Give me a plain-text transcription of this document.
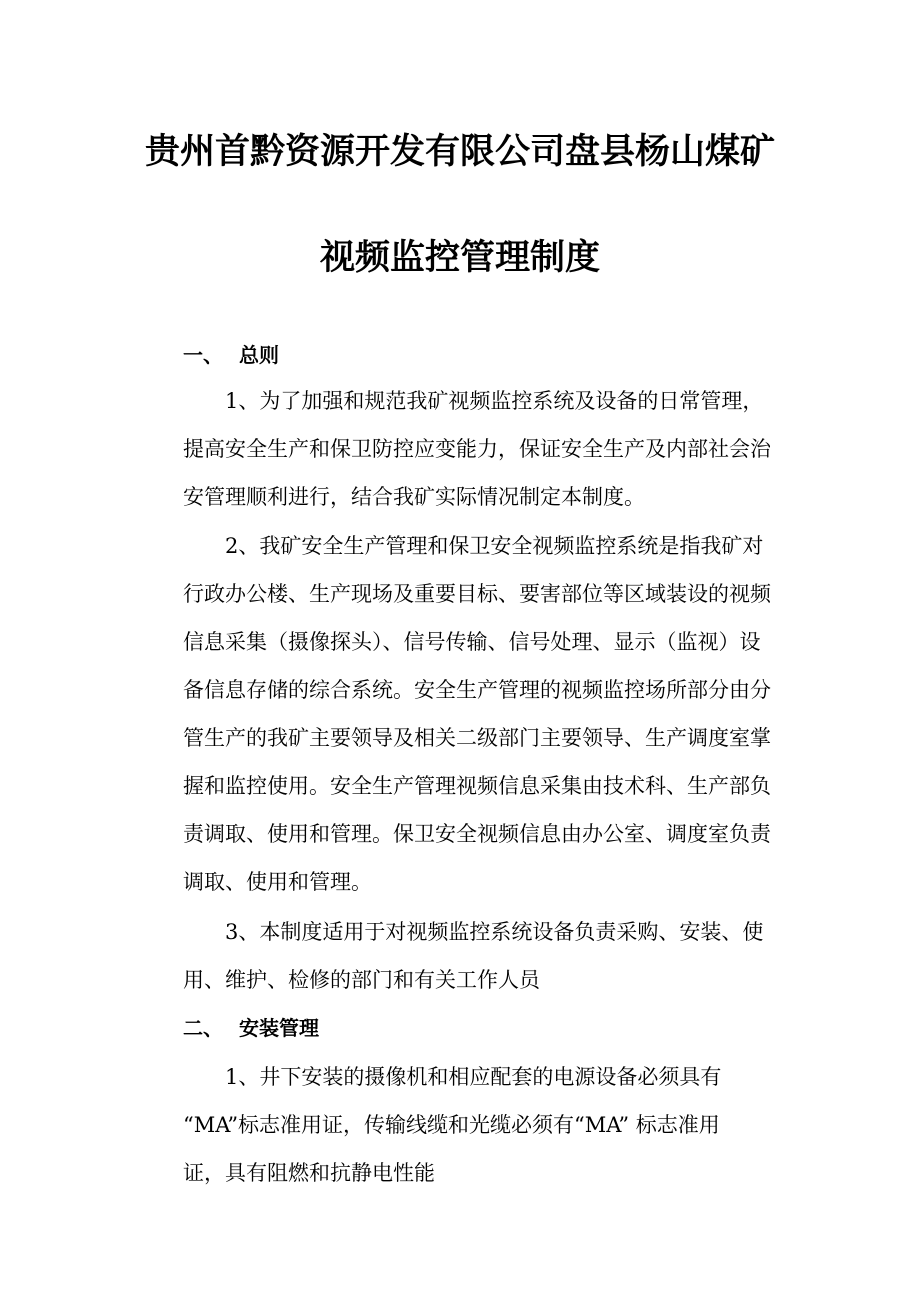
贵州首黔资源开发有限公司盘县杨山煤矿
视频监控管理制度
一、 总则
1、为了加强和规范我矿视频监控系统及设备的日常管理，
提高安全生产和保卫防控应变能力，保证安全生产及内部社会治
安管理顺利进行，结合我矿实际情况制定本制度。
2、我矿安全生产管理和保卫安全视频监控系统是指我矿对
行政办公楼、生产现场及重要目标、要害部位等区域装设的视频
信息采集（摄像探头）、信号传输、信号处理、显示（监视）设
备信息存储的综合系统。安全生产管理的视频监控场所部分由分
管生产的我矿主要领导及相关二级部门主要领导、生产调度室掌
握和监控使用。安全生产管理视频信息采集由技术科、生产部负
责调取、使用和管理。保卫安全视频信息由办公室、调度室负责
调取、使用和管理。
3、本制度适用于对视频监控系统设备负责采购、安装、使
用、维护、检修的部门和有关工作人员
二、 安装管理
1、井下安装的摄像机和相应配套的电源设备必须具有
“MA”标志准用证，传输线缆和光缆必须有“MA” 标志准用
证，具有阻燃和抗静电性能
